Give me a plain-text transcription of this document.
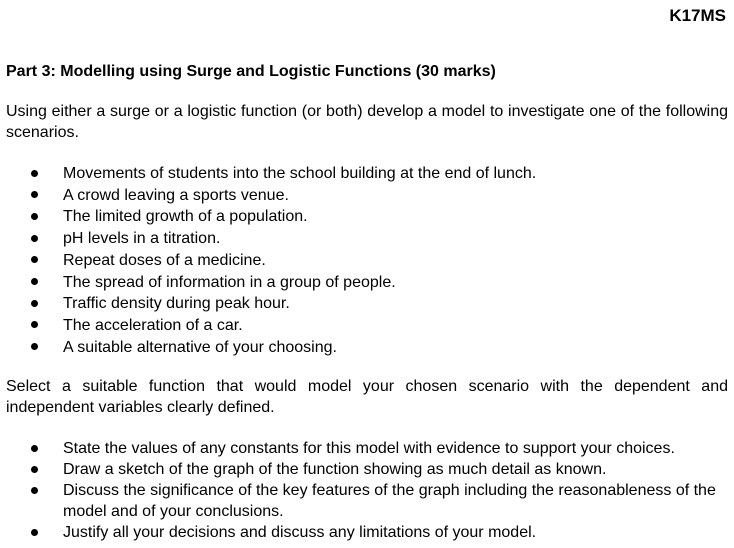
K17MS
Part 3: Modelling using Surge and Logistic Functions (30 marks)
Using either a surge or a logistic function (or both) develop a model to investigate one of the following scenarios.
Movements of students into the school building at the end of lunch.
A crowd leaving a sports venue.
The limited growth of a population.
pH levels in a titration.
Repeat doses of a medicine.
The spread of information in a group of people.
Traffic density during peak hour.
The acceleration of a car.
A suitable alternative of your choosing.
Select a suitable function that would model your chosen scenario with the dependent and independent variables clearly defined.
State the values of any constants for this model with evidence to support your choices.
Draw a sketch of the graph of the function showing as much detail as known.
Discuss the significance of the key features of the graph including the reasonableness of the model and of your conclusions.
Justify all your decisions and discuss any limitations of your model.
